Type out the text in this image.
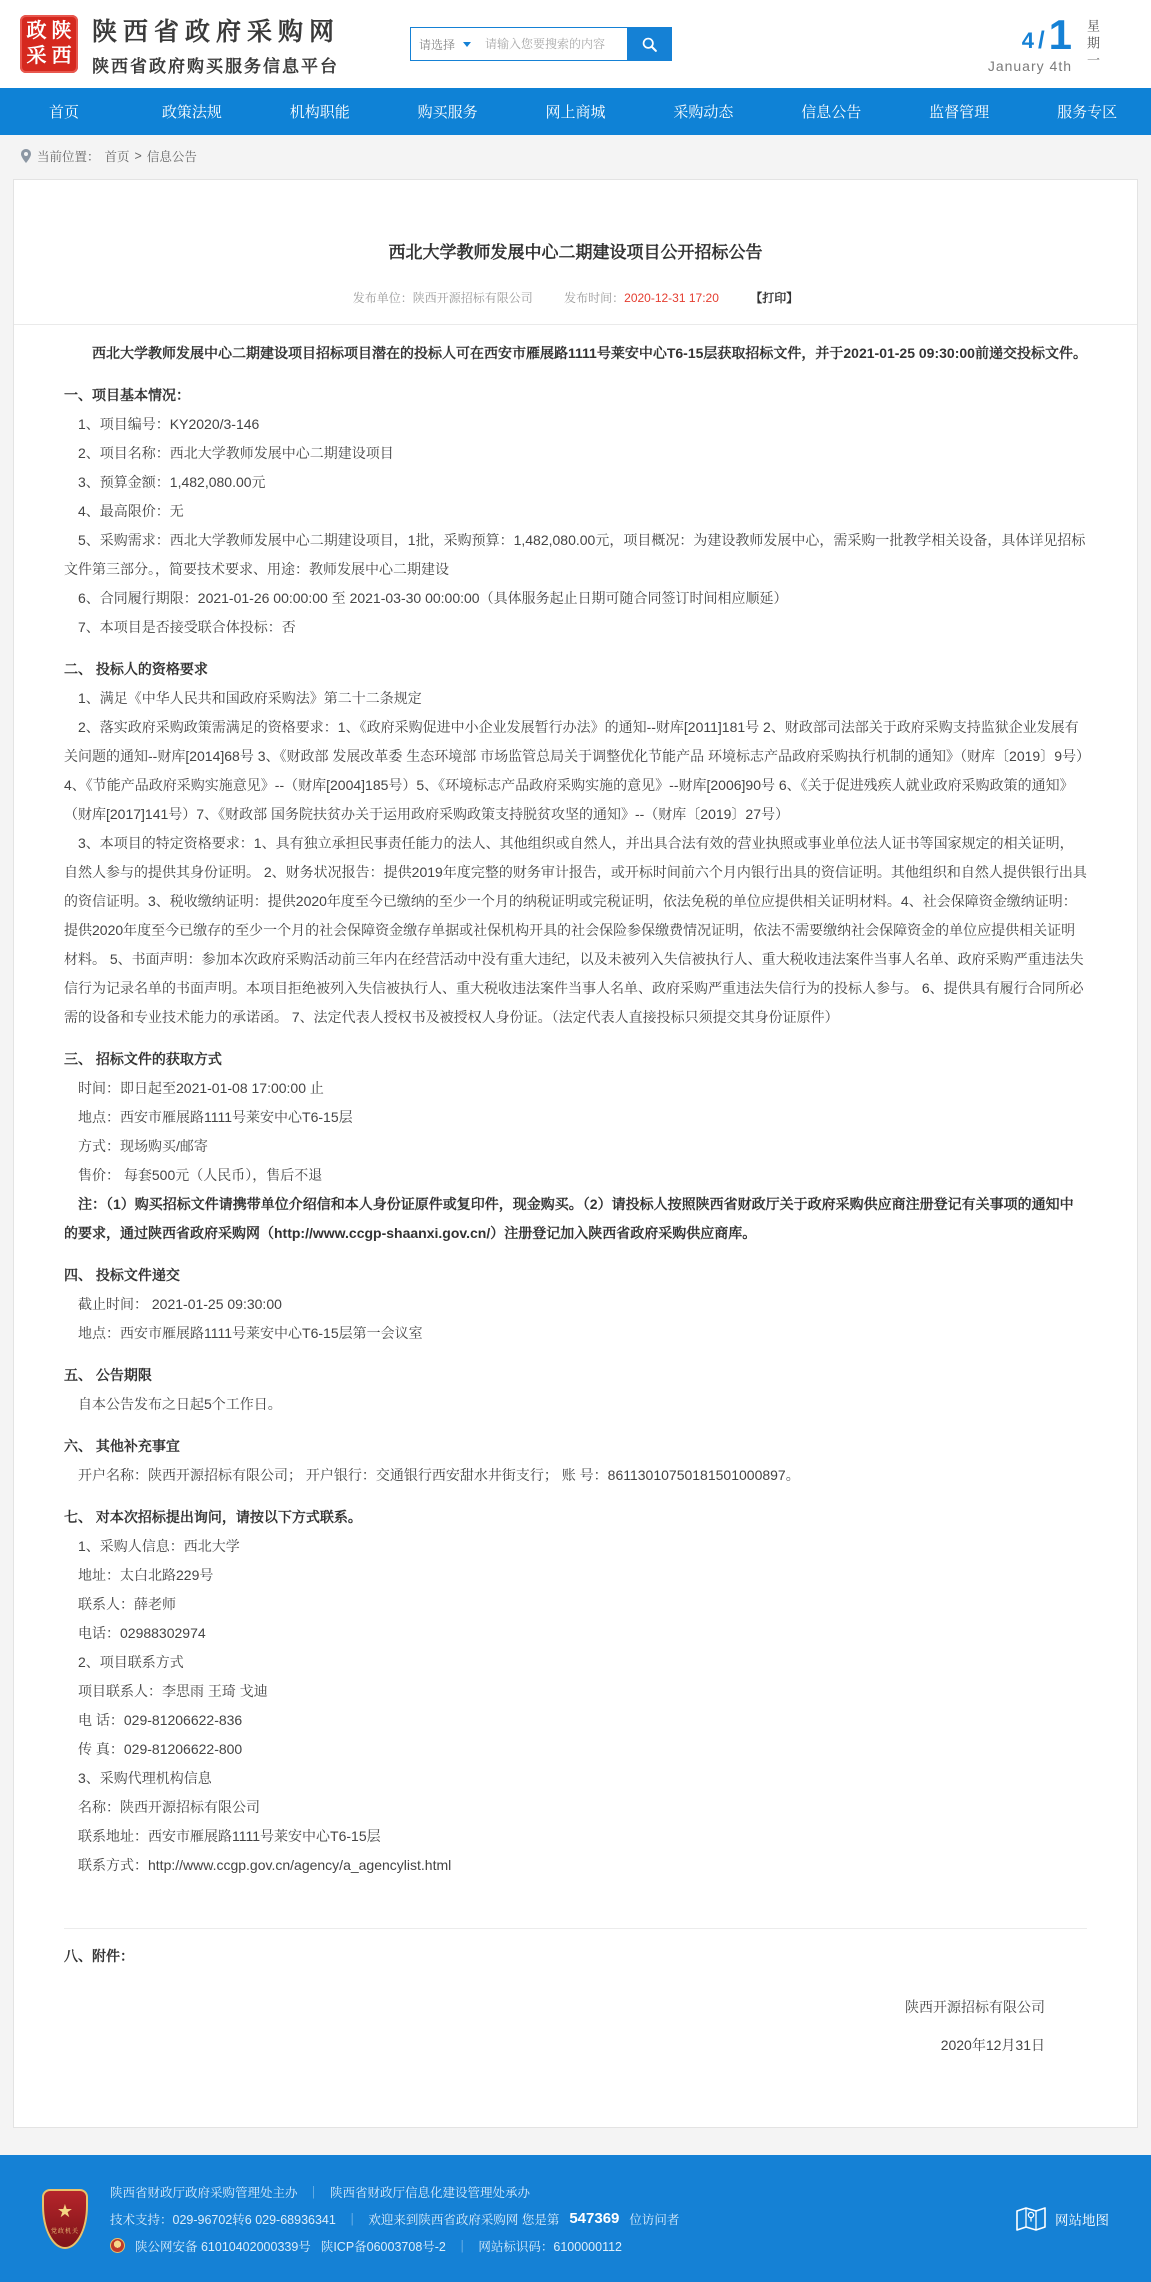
政 陕
采 西
陕西省政府采购网
陕西省政府购买服务信息平台
请选择
请输入您要搜索的内容	4 / 1
January 4th 星期一
首页	政策法规	机构职能	购买服务	网上商城	采购动态	信息公告	监督管理	服务专区
当前位置： 首页 > 信息公告
西北大学教师发展中心二期建设项目公开招标公告
发布单位：陕西开源招标有限公司	发布时间：2020-12-31 17:20	【打印】

西北大学教师发展中心二期建设项目招标项目潜在的投标人可在西安市雁展路1111号莱安中心T6-15层获取招标文件，并于2021-01-25 09:30:00前递交投标文件。

一、项目基本情况：

1、项目编号：KY2020/3-146

2、项目名称：西北大学教师发展中心二期建设项目

3、预算金额：1,482,080.00元

4、最高限价：无

5、采购需求：西北大学教师发展中心二期建设项目，1批，采购预算：1,482,080.00元，项目概况：为建设教师发展中心，需采购一批教学相关设备，具体详见招标文件第三部分。，简要技术要求、用途：教师发展中心二期建设

6、合同履行期限：2021-01-26 00:00:00 至 2021-03-30 00:00:00（具体服务起止日期可随合同签订时间相应顺延）

7、本项目是否接受联合体投标：否

二、 投标人的资格要求

1、满足《中华人民共和国政府采购法》第二十二条规定

2、落实政府采购政策需满足的资格要求：1、《政府采购促进中小企业发展暂行办法》的通知--财库[2011]181号 2、财政部司法部关于政府采购支持监狱企业发展有关问题的通知--财库[2014]68号 3、《财政部 发展改革委 生态环境部 市场监管总局关于调整优化节能产品 环境标志产品政府采购执行机制的通知》（财库〔2019〕9号）4、《节能产品政府采购实施意见》--（财库[2004]185号）5、《环境标志产品政府采购实施的意见》--财库[2006]90号 6、《关于促进残疾人就业政府采购政策的通知》（财库[2017]141号）7、《财政部 国务院扶贫办关于运用政府采购政策支持脱贫攻坚的通知》--（财库〔2019〕27号）

3、本项目的特定资格要求：1、具有独立承担民事责任能力的法人、其他组织或自然人，并出具合法有效的营业执照或事业单位法人证书等国家规定的相关证明，自然人参与的提供其身份证明。 2、财务状况报告：提供2019年度完整的财务审计报告，或开标时间前六个月内银行出具的资信证明。其他组织和自然人提供银行出具的资信证明。3、税收缴纳证明：提供2020年度至今已缴纳的至少一个月的纳税证明或完税证明，依法免税的单位应提供相关证明材料。4、社会保障资金缴纳证明：提供2020年度至今已缴存的至少一个月的社会保障资金缴存单据或社保机构开具的社会保险参保缴费情况证明，依法不需要缴纳社会保障资金的单位应提供相关证明材料。 5、书面声明：参加本次政府采购活动前三年内在经营活动中没有重大违纪，以及未被列入失信被执行人、重大税收违法案件当事人名单、政府采购严重违法失信行为记录名单的书面声明。本项目拒绝被列入失信被执行人、重大税收违法案件当事人名单、政府采购严重违法失信行为的投标人参与。 6、提供具有履行合同所必需的设备和专业技术能力的承诺函。 7、法定代表人授权书及被授权人身份证。（法定代表人直接投标只须提交其身份证原件）

三、 招标文件的获取方式

时间：即日起至2021-01-08 17:00:00 止

地点：西安市雁展路1111号莱安中心T6-15层

方式：现场购买/邮寄

售价： 每套500元（人民币），售后不退

注：（1）购买招标文件请携带单位介绍信和本人身份证原件或复印件，现金购买。（2）请投标人按照陕西省财政厅关于政府采购供应商注册登记有关事项的通知中的要求，通过陕西省政府采购网（http://www.ccgp-shaanxi.gov.cn/）注册登记加入陕西省政府采购供应商库。

四、 投标文件递交

截止时间： 2021-01-25 09:30:00

地点：西安市雁展路1111号莱安中心T6-15层第一会议室

五、 公告期限

自本公告发布之日起5个工作日。

六、 其他补充事宜

开户名称：陕西开源招标有限公司； 开户银行：交通银行西安甜水井街支行； 账 号：86113010750181501000897。

七、 对本次招标提出询问，请按以下方式联系。

1、采购人信息：西北大学

地址：太白北路229号

联系人：薛老师

电话：02988302974

2、项目联系方式

项目联系人：李思雨 王琦 戈迪

电 话：029-81206622-836

传 真：029-81206622-800

3、采购代理机构信息

名称：陕西开源招标有限公司

联系地址：西安市雁展路1111号莱安中心T6-15层

联系方式：http://www.ccgp.gov.cn/agency/a_agencylist.html

八、附件：

陕西开源招标有限公司
2020年12月31日
★
党政机关
陕西省财政厅政府采购管理处主办 ｜ 陕西省财政厅信息化建设管理处承办
技术支持：029-96702转6 029-68936341 ｜ 欢迎来到陕西省政府采购网 您是第 547369 位访问者
陕公网安备 61010402000339号 陕ICP备06003708号-2 ｜ 网站标识码：6100000112
网站地图
